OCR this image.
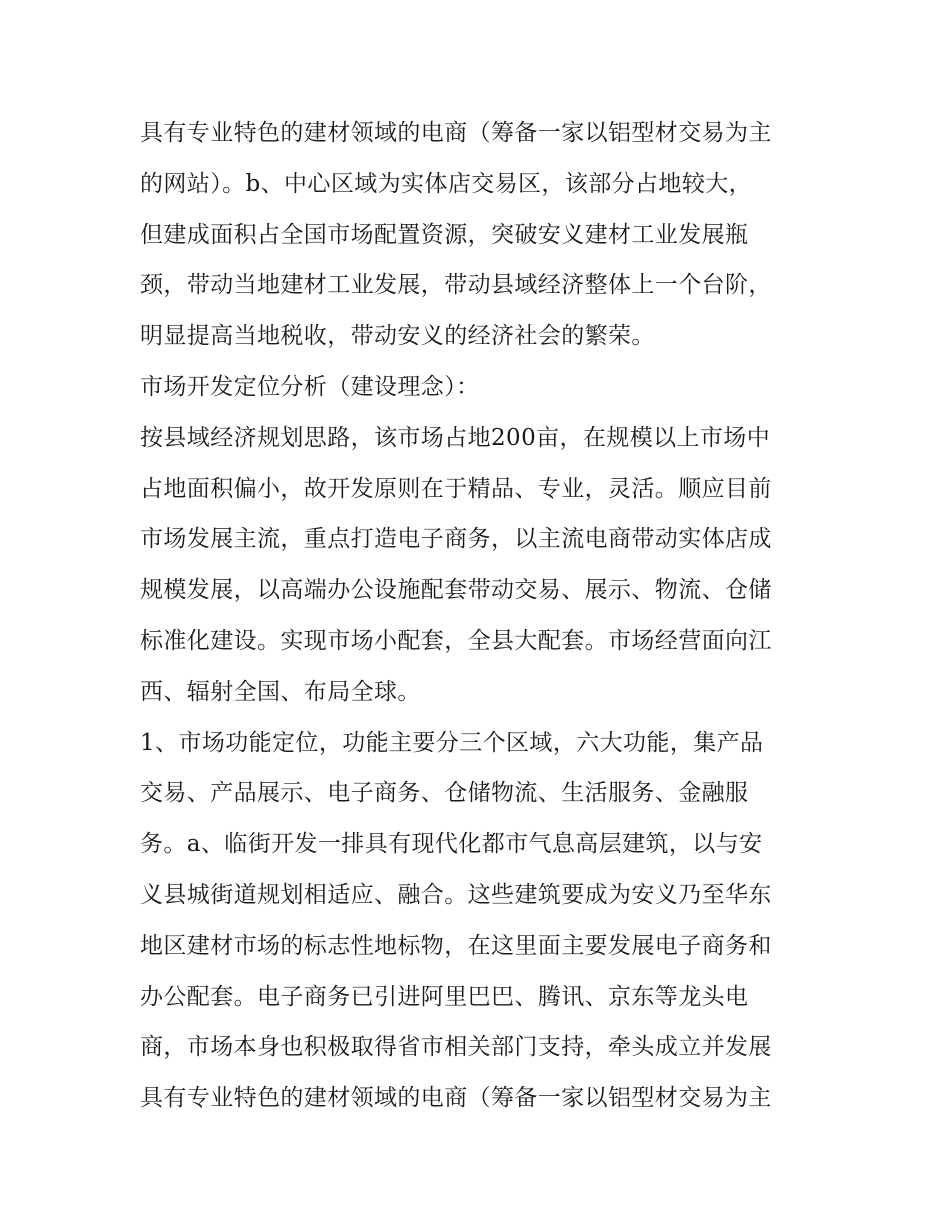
具有专业特色的建材领域的电商（筹备一家以铝型材交易为主
的网站）。b、中心区域为实体店交易区，该部分占地较大，
但建成面积占全国市场配置资源，突破安义建材工业发展瓶
颈，带动当地建材工业发展，带动县域经济整体上一个台阶，
明显提高当地税收，带动安义的经济社会的繁荣。
市场开发定位分析（建设理念）：
按县域经济规划思路，该市场占地200亩，在规模以上市场中
占地面积偏小，故开发原则在于精品、专业，灵活。顺应目前
市场发展主流，重点打造电子商务，以主流电商带动实体店成
规模发展，以高端办公设施配套带动交易、展示、物流、仓储
标准化建设。实现市场小配套，全县大配套。市场经营面向江
西、辐射全国、布局全球。
1、市场功能定位，功能主要分三个区域，六大功能，集产品
交易、产品展示、电子商务、仓储物流、生活服务、金融服
务。a、临街开发一排具有现代化都市气息高层建筑，以与安
义县城街道规划相适应、融合。这些建筑要成为安义乃至华东
地区建材市场的标志性地标物，在这里面主要发展电子商务和
办公配套。电子商务已引进阿里巴巴、腾讯、京东等龙头电
商，市场本身也积极取得省市相关部门支持，牵头成立并发展
具有专业特色的建材领域的电商（筹备一家以铝型材交易为主
